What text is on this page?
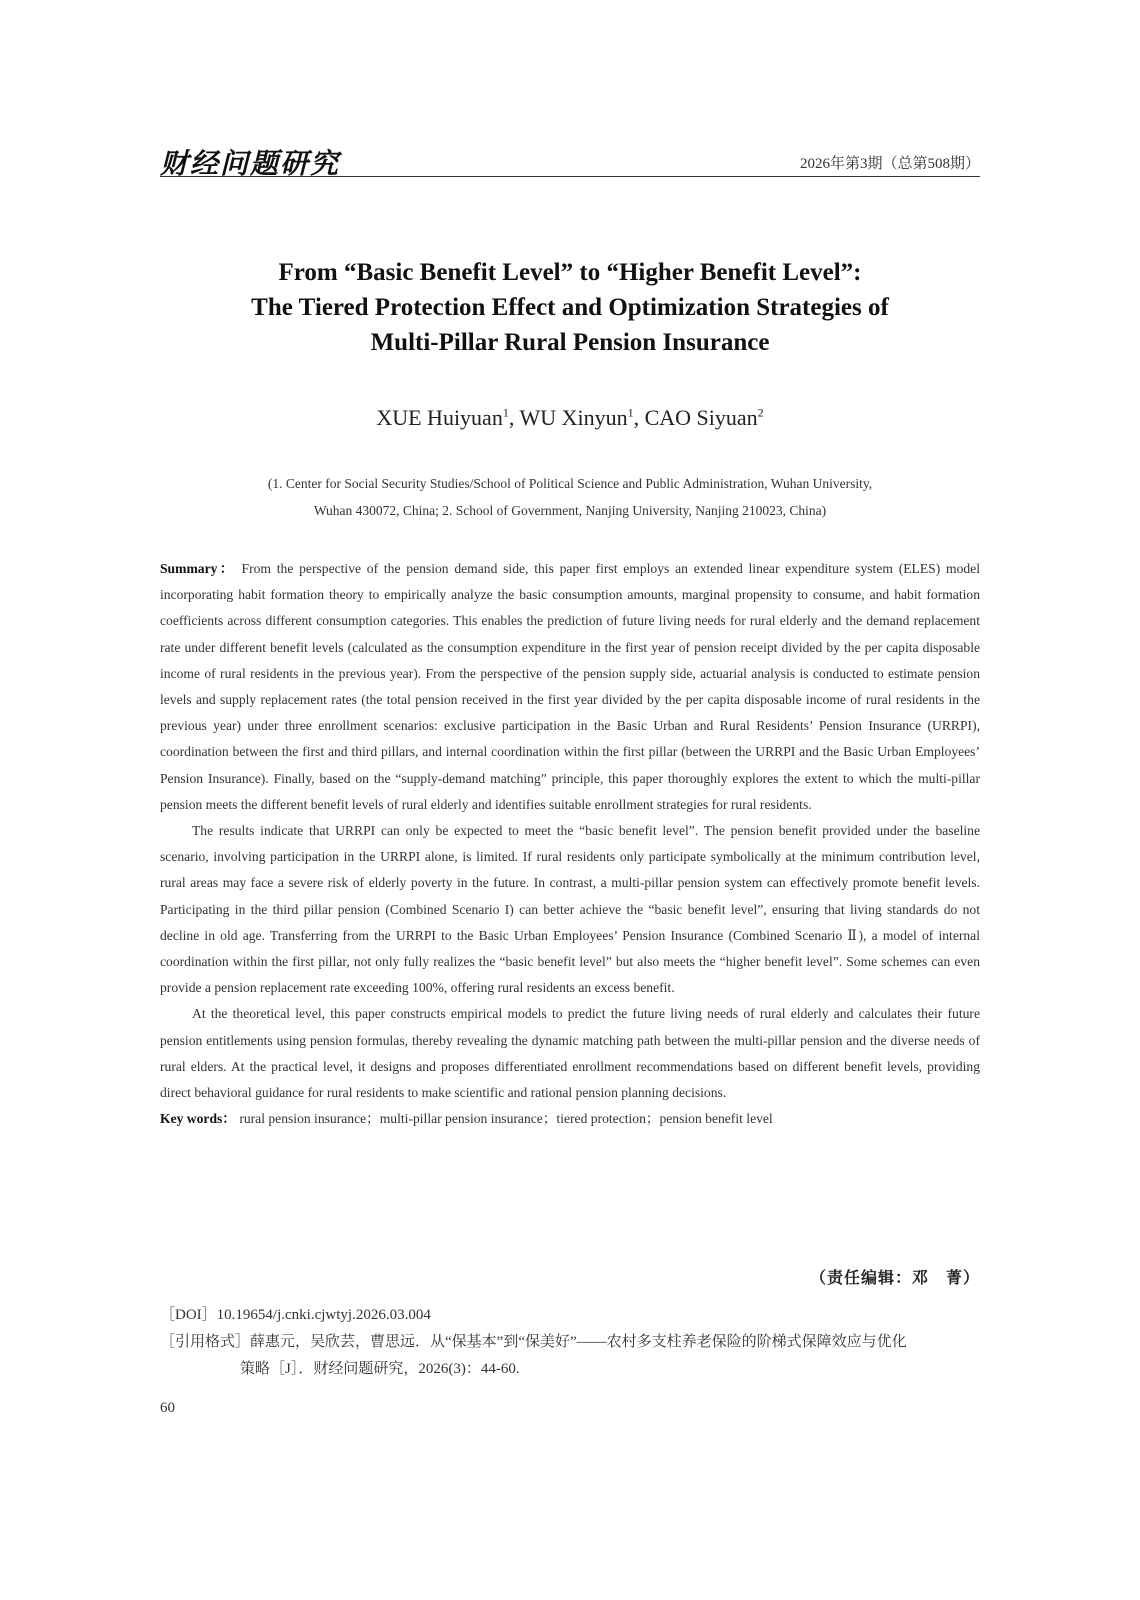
财经问题研究	2026年第3期（总第508期）
From “Basic Benefit Level” to “Higher Benefit Level”:
The Tiered Protection Effect and Optimization Strategies of
Multi-Pillar Rural Pension Insurance
XUE Huiyuan$^1$, WU Xinyun$^1$, CAO Siyuan$^2$
(1. Center for Social Security Studies/School of Political Science and Public Administration, Wuhan University,
Wuhan 430072, China; 2. School of Government, Nanjing University, Nanjing 210023, China)

Summary： From the perspective of the pension demand side, this paper first employs an extended linear expenditure system (ELES) model incorporating habit formation theory to empirically analyze the basic consumption amounts, marginal propensity to consume, and habit formation coefficients across different consumption categories. This enables the prediction of future living needs for rural elderly and the demand replacement rate under different benefit levels (calculated as the consumption expenditure in the first year of pension receipt divided by the per capita disposable income of rural residents in the previous year). From the perspective of the pension supply side, actuarial analysis is conducted to estimate pension levels and supply replacement rates (the total pension received in the first year divided by the per capita disposable income of rural residents in the previous year) under three enrollment scenarios: exclusive participation in the Basic Urban and Rural Residents’ Pension Insurance (URRPI), coordination between the first and third pillars, and internal coordination within the first pillar (between the URRPI and the Basic Urban Employees’ Pension Insurance). Finally, based on the “supply-demand matching” principle, this paper thoroughly explores the extent to which the multi-pillar pension meets the different benefit levels of rural elderly and identifies suitable enrollment strategies for rural residents.

The results indicate that URRPI can only be expected to meet the “basic benefit level”. The pension benefit provided under the baseline scenario, involving participation in the URRPI alone, is limited. If rural residents only participate symbolically at the minimum contribution level, rural areas may face a severe risk of elderly poverty in the future. In contrast, a multi-pillar pension system can effectively promote benefit levels. Participating in the third pillar pension (Combined Scenario I) can better achieve the “basic benefit level”, ensuring that living standards do not decline in old age. Transferring from the URRPI to the Basic Urban Employees’ Pension Insurance (Combined Scenario Ⅱ), a model of internal coordination within the first pillar, not only fully realizes the “basic benefit level” but also meets the “higher benefit level”. Some schemes can even provide a pension replacement rate exceeding 100%, offering rural residents an excess benefit.

At the theoretical level, this paper constructs empirical models to predict the future living needs of rural elderly and calculates their future pension entitlements using pension formulas, thereby revealing the dynamic matching path between the multi-pillar pension and the diverse needs of rural elders. At the practical level, it designs and proposes differentiated enrollment recommendations based on different benefit levels, providing direct behavioral guidance for rural residents to make scientific and rational pension planning decisions.

Key words： rural pension insurance；multi-pillar pension insurance；tiered protection；pension benefit level

（责任编辑：邓　菁）
［DOI］10.19654/j.cnki.cjwtyj.2026.03.004
［引用格式］薛惠元，吴欣芸，曹思远．从“保基本”到“保美好”——农村多支柱养老保险的阶梯式保障效应与优化
策略［J］．财经问题研究，2026(3)：44-60.
60
